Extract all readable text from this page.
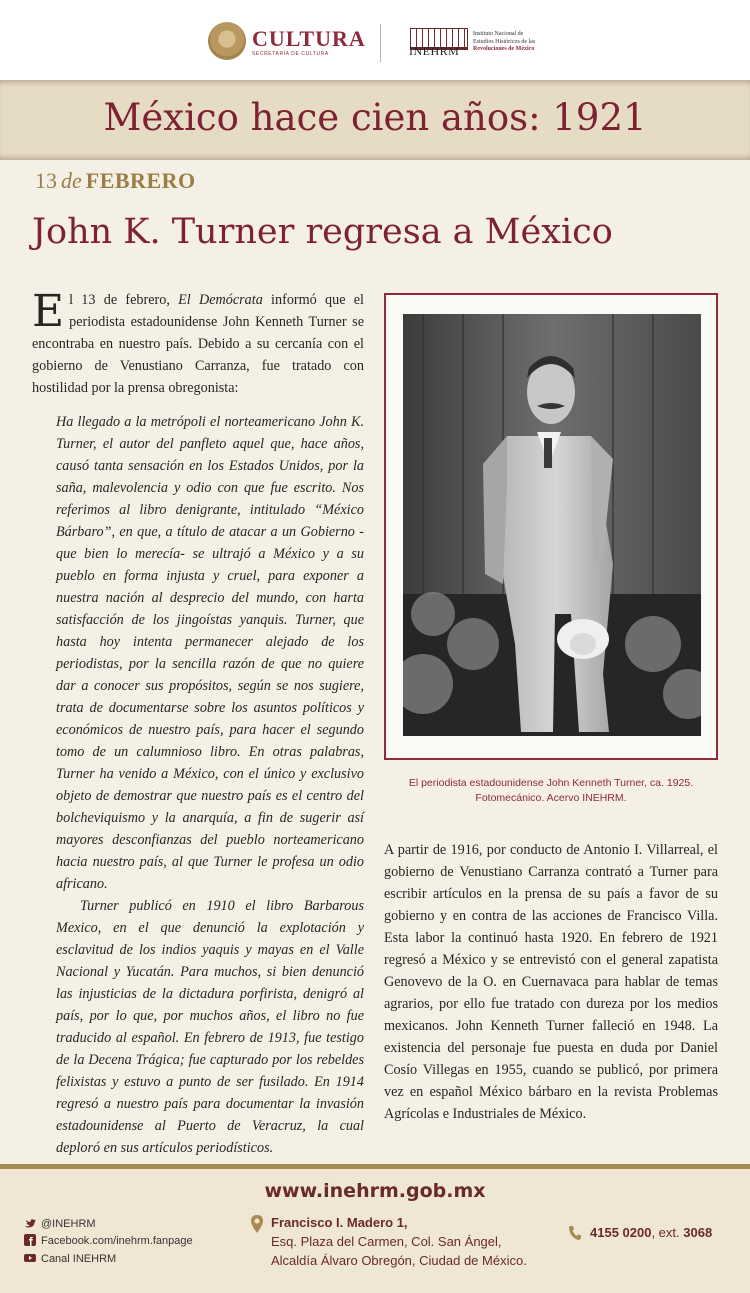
CULTURA
SECRETARÍA DE CULTURA	INEHRM
Instituto Nacional de
Estudios Históricos de las
Revoluciones de México
México hace cien años: 1921
13 de FEBRERO
John K. Turner regresa a México

El 13 de febrero, El Demócrata informó que el periodista estadounidense John Kenneth Turner se encontraba en nuestro país. Debido a su cercanía con el gobierno de Venustiano Carranza, fue tratado con hostilidad por la prensa obregonista:

Ha llegado a la metrópoli el norteamericano John K. Turner, el autor del panfleto aquel que, hace años, causó tanta sensación en los Estados Unidos, por la saña, malevolencia y odio con que fue escrito. Nos referimos al libro denigrante, intitulado “México Bárbaro”, en que, a título de atacar a un Gobierno -que bien lo merecía- se ultrajó a México y a su pueblo en forma injusta y cruel, para exponer a nuestra nación al desprecio del mundo, con harta satisfacción de los jingoístas yanquis. Turner, que hasta hoy intenta permanecer alejado de los periodistas, por la sencilla razón de que no quiere dar a conocer sus propósitos, según se nos sugiere, trata de documentarse sobre los asuntos políticos y económicos de nuestro país, para hacer el segundo tomo de un calumnioso libro. En otras palabras, Turner ha venido a México, con el único y exclusivo objeto de demostrar que nuestro país es el centro del bolcheviquismo y la anarquía, a fin de sugerir así mayores desconfianzas del pueblo norteamericano hacia nuestro país, al que Turner le profesa un odio africano.

Turner publicó en 1910 el libro Barbarous Mexico, en el que denunció la explotación y esclavitud de los indios yaquis y mayas en el Valle Nacional y Yucatán. Para muchos, si bien denunció las injusticias de la dictadura porfirista, denigró al país, por lo que, por muchos años, el libro no fue traducido al español. En febrero de 1913, fue testigo de la Decena Trágica; fue capturado por los rebeldes felixistas y estuvo a punto de ser fusilado. En 1914 regresó a nuestro país para documentar la invasión estadounidense al Puerto de Veracruz, la cual deploró en sus artículos periodísticos.

El periodista estadounidense John Kenneth Turner, ca. 1925.
Fotomecánico. Acervo INEHRM.

A partir de 1916, por conducto de Antonio I. Villarreal, el gobierno de Venustiano Carranza contrató a Turner para escribir artículos en la prensa de su país a favor de su gobierno y en contra de las acciones de Francisco Villa. Esta labor la continuó hasta 1920. En febrero de 1921 regresó a México y se entrevistó con el general zapatista Genovevo de la O. en Cuernavaca para hablar de temas agrarios, por ello fue tratado con dureza por los medios mexicanos. John Kenneth Turner falleció en 1948. La existencia del personaje fue puesta en duda por Daniel Cosío Villegas en 1955, cuando se publicó, por primera vez en español México bárbaro en la revista Problemas Agrícolas e Industriales de México.

www.inehrm.gob.mx
@INEHRM
Facebook.com/inehrm.fanpage
Canal INEHRM
Francisco I. Madero 1,
Esq. Plaza del Carmen, Col. San Ángel,
Alcaldía Álvaro Obregón, Ciudad de México.
4155 0200, ext. 3068
